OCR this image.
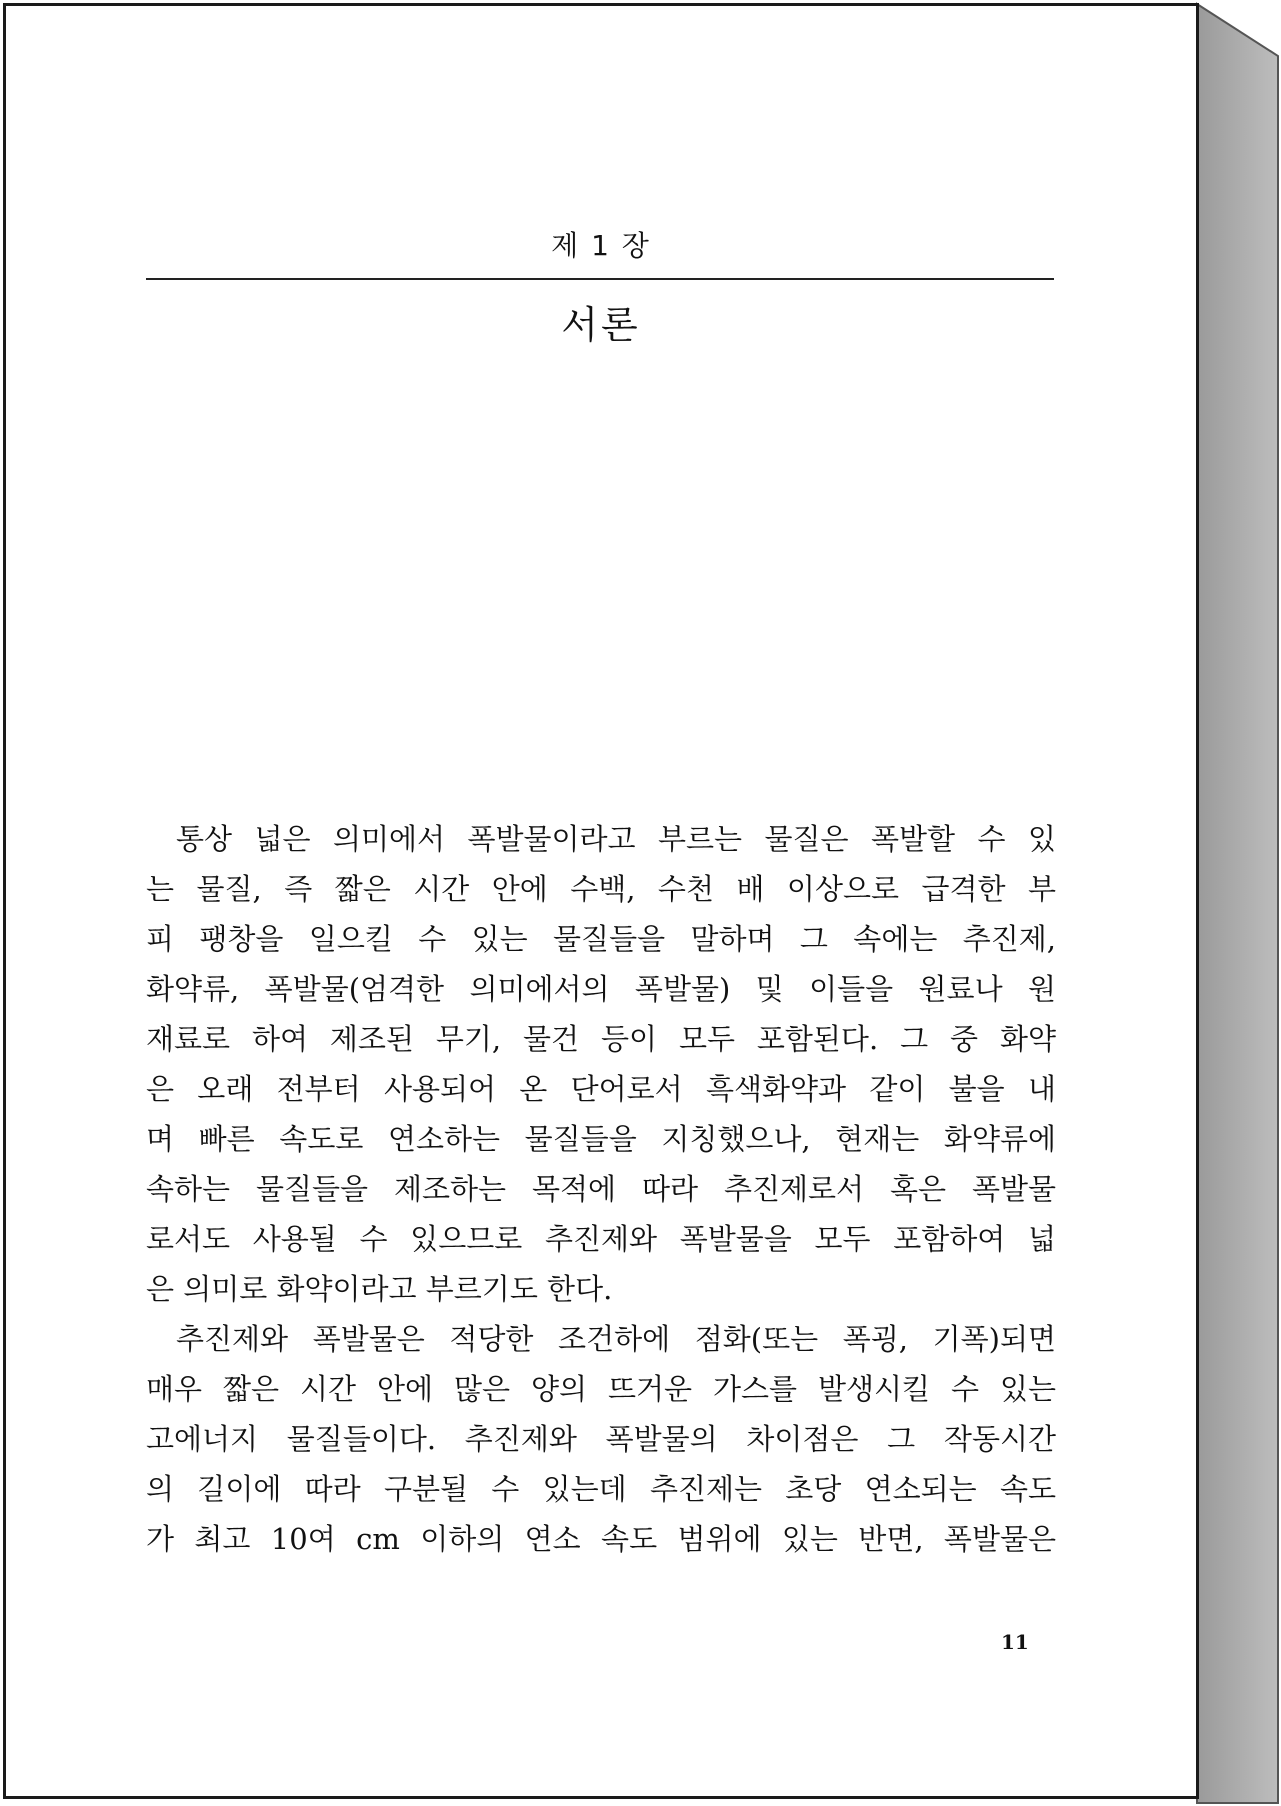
제 1 장
서론
통상 넓은 의미에서 폭발물이라고 부르는 물질은 폭발할 수 있
는 물질, 즉 짧은 시간 안에 수백, 수천 배 이상으로 급격한 부
피 팽창을 일으킬 수 있는 물질들을 말하며 그 속에는 추진제,
화약류, 폭발물(엄격한 의미에서의 폭발물) 및 이들을 원료나 원
재료로 하여 제조된 무기, 물건 등이 모두 포함된다. 그 중 화약
은 오래 전부터 사용되어 온 단어로서 흑색화약과 같이 불을 내
며 빠른 속도로 연소하는 물질들을 지칭했으나, 현재는 화약류에
속하는 물질들을 제조하는 목적에 따라 추진제로서 혹은 폭발물
로서도 사용될 수 있으므로 추진제와 폭발물을 모두 포함하여 넓
은 의미로 화약이라고 부르기도 한다.
추진제와 폭발물은 적당한 조건하에 점화(또는 폭굉, 기폭)되면
매우 짧은 시간 안에 많은 양의 뜨거운 가스를 발생시킬 수 있는
고에너지 물질들이다. 추진제와 폭발물의 차이점은 그 작동시간
의 길이에 따라 구분될 수 있는데 추진제는 초당 연소되는 속도
가 최고 10여 cm 이하의 연소 속도 범위에 있는 반면, 폭발물은
11
